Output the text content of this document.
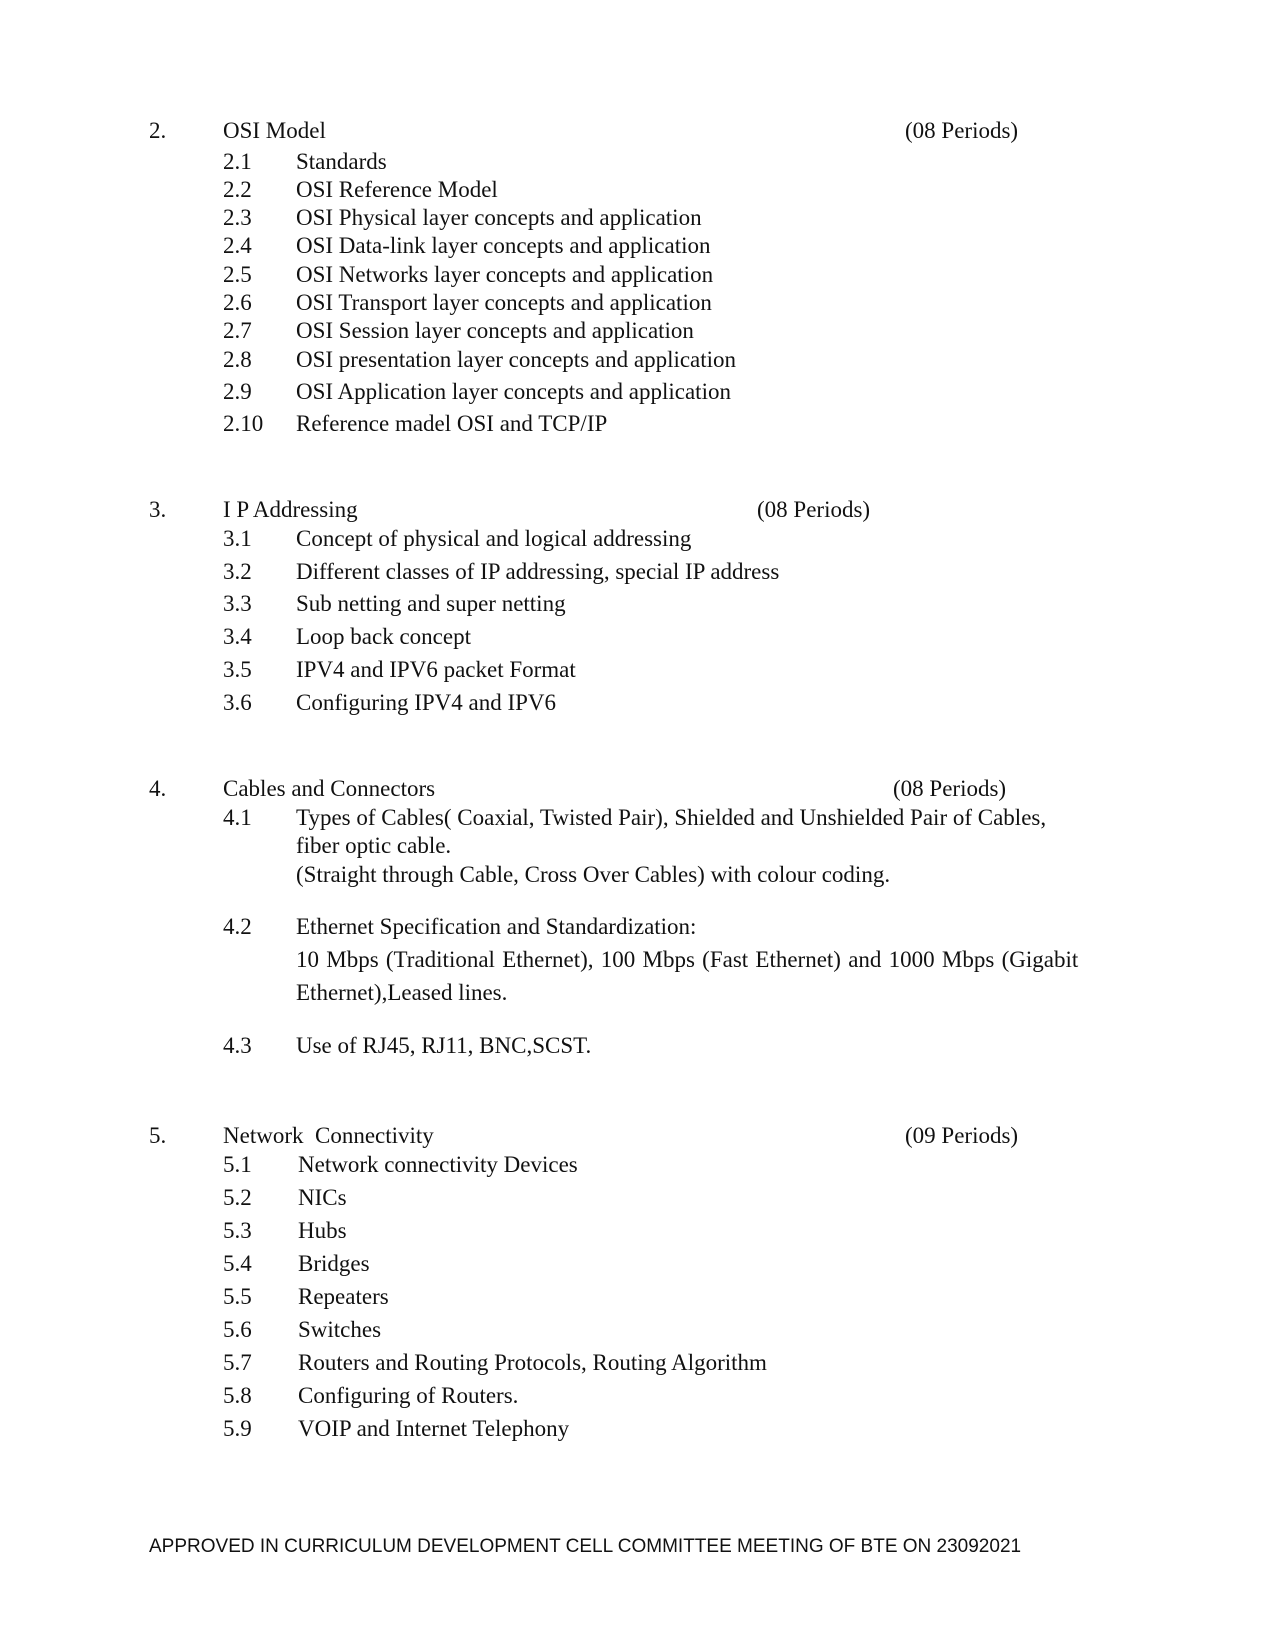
2. OSI Model	(08 Periods)
2.1 Standards
2.2 OSI Reference Model
2.3 OSI Physical layer concepts and application
2.4 OSI Data-link layer concepts and application
2.5 OSI Networks layer concepts and application
2.6 OSI Transport layer concepts and application
2.7 OSI Session layer concepts and application
2.8 OSI presentation layer concepts and application
2.9 OSI Application layer concepts and application
2.10 Reference madel OSI and TCP/IP
3. I P Addressing	(08 Periods)
3.1 Concept of physical and logical addressing
3.2 Different classes of IP addressing, special IP address
3.3 Sub netting and super netting
3.4 Loop back concept
3.5 IPV4 and IPV6 packet Format
3.6 Configuring IPV4 and IPV6
4. Cables and Connectors	(08 Periods)
4.1 Types of Cables( Coaxial, Twisted Pair), Shielded and Unshielded Pair of Cables,
fiber optic cable.
(Straight through Cable, Cross Over Cables) with colour coding.
4.2 Ethernet Specification and Standardization:
10 Mbps (Traditional Ethernet), 100 Mbps (Fast Ethernet) and 1000 Mbps (Gigabit
Ethernet),Leased lines.
4.3 Use of RJ45, RJ11, BNC,SCST.
5. Network  Connectivity	(09 Periods)
5.1 Network connectivity Devices
5.2 NICs
5.3 Hubs
5.4 Bridges
5.5 Repeaters
5.6 Switches
5.7 Routers and Routing Protocols, Routing Algorithm
5.8 Configuring of Routers.
5.9 VOIP and Internet Telephony
APPROVED IN CURRICULUM DEVELOPMENT CELL COMMITTEE MEETING OF BTE ON 23092021
